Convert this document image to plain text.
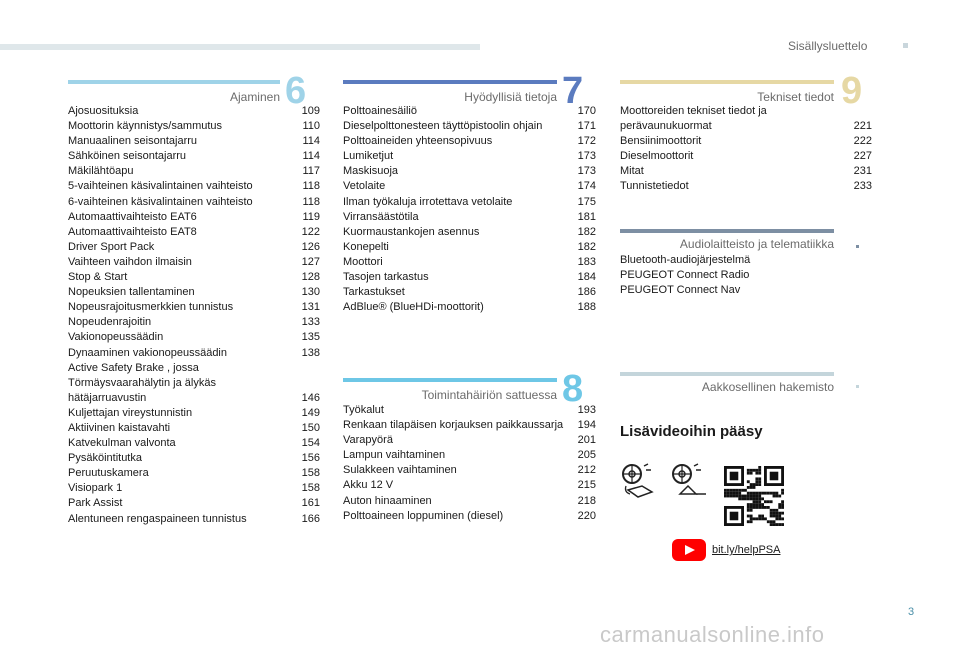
Sisällysluettelo
Ajaminen 6
Ajosuosituksia	109
Moottorin käynnistys/sammutus	110
Manuaalinen seisontajarru	114
Sähköinen seisontajarru	114
Mäkilähtöapu	117
5-vaihteinen käsivalintainen vaihteisto	118
6-vaihteinen käsivalintainen vaihteisto	118
Automaattivaihteisto EAT6	119
Automaattivaihteisto EAT8	122
Driver Sport Pack	126
Vaihteen vaihdon ilmaisin	127
Stop & Start	128
Nopeuksien tallentaminen	130
Nopeusrajoitusmerkkien tunnistus	131
Nopeudenrajoitin	133
Vakionopeussäädin	135
Dynaaminen vakionopeussäädin	138
Active Safety Brake , jossa Törmäysvaarahälytin ja älykäs hätäjarruavustin	146
Kuljettajan vireystunnistin	149
Aktiivinen kaistavahti	150
Katvekulman valvonta	154
Pysäköintitutka	156
Peruutuskamera	158
Visiopark 1	158
Park Assist	161
Alentuneen rengaspaineen tunnistus	166
Hyödyllisiä tietoja 7
Polttoainesäiliö	170
Dieselpolttonesteen täyttöpistoolin ohjain	171
Polttoaineiden yhteensopivuus	172
Lumiketjut	173
Maskisuoja	173
Vetolaite	174
Ilman työkaluja irrotettava vetolaite	175
Virransäästötila	181
Kuormaustankojen asennus	182
Konepelti	182
Moottori	183
Tasojen tarkastus	184
Tarkastukset	186
AdBlue® (BlueHDi-moottorit)	188
Toimintahäiriön sattuessa 8
Työkalut	193
Renkaan tilapäisen korjauksen paikkaussarja	194
Varapyörä	201
Lampun vaihtaminen	205
Sulakkeen vaihtaminen	212
Akku 12 V	215
Auton hinaaminen	218
Polttoaineen loppuminen (diesel)	220
Tekniset tiedot 9
Moottoreiden tekniset tiedot ja perävaunukuormat	221
Bensiinimoottorit	222
Dieselmoottorit	227
Mitat	231
Tunnistetiedot	233
Audiolaitteisto ja telematiikka
Bluetooth-audiojärjestelmä
PEUGEOT Connect Radio
PEUGEOT Connect Nav
Aakkosellinen hakemisto
Lisävideoihin pääsy
bit.ly/helpPSA
3
carmanualsonline.info
